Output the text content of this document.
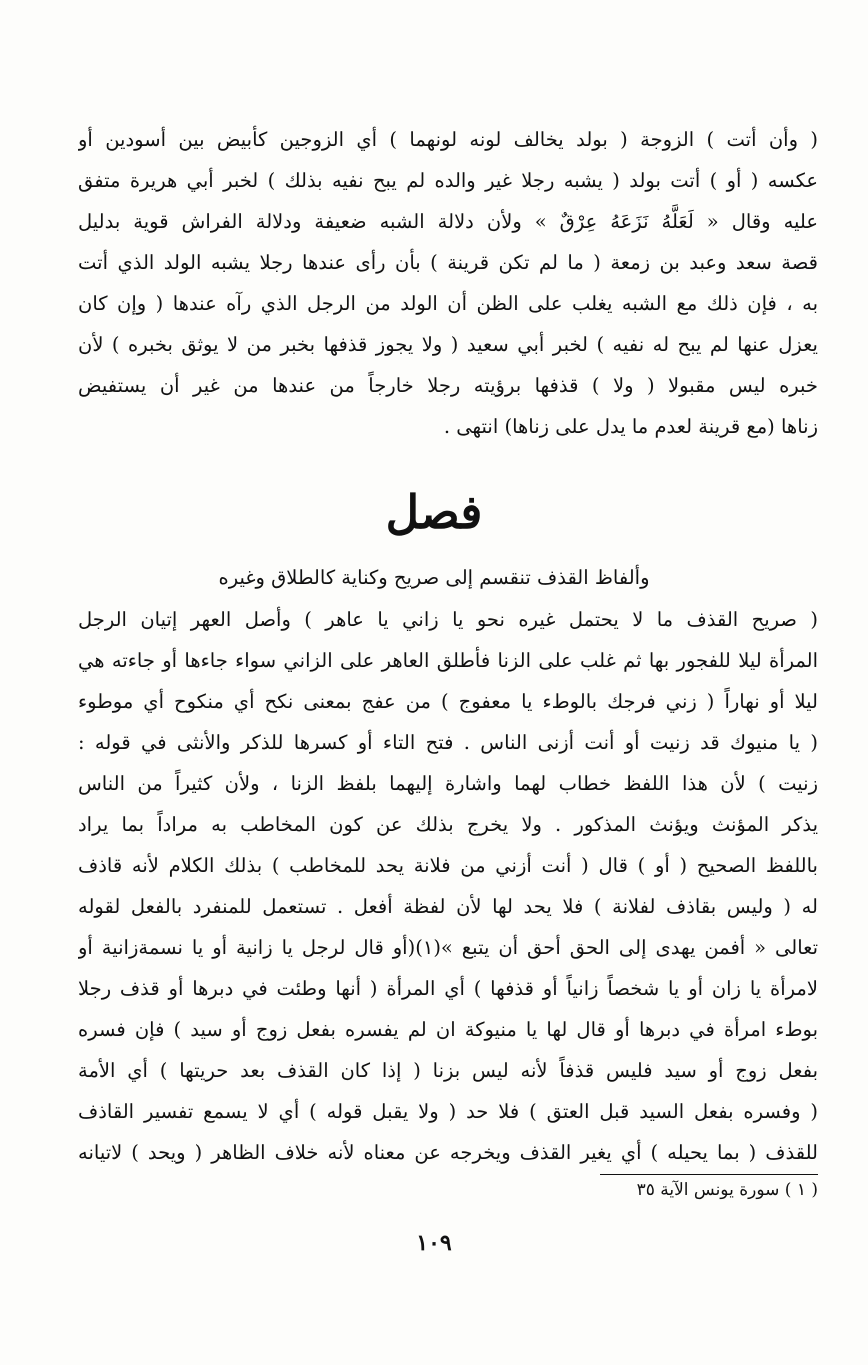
( وأن أتت ) الزوجة ( بولد يخالف لونه لونهما ) أي الزوجين كأبيض بين أسودين أو
عكسه ( أو ) أتت بولد ( يشبه رجلا غير والده لم يبح نفيه بذلك ) لخبر أبي هريرة متفق
عليه وقال « لَعَلَّهُ نَزَعَهُ عِرْقٌ » ولأن دلالة الشبه ضعيفة ودلالة الفراش قوية بدليل
قصة سعد وعبد بن زمعة ( ما لم تكن قرينة ) بأن رأى عندها رجلا يشبه الولد الذي أتت
به ، فإن ذلك مع الشبه يغلب على الظن أن الولد من الرجل الذي رآه عندها ( وإن كان
يعزل عنها لم يبح له نفيه ) لخبر أبي سعيد ( ولا يجوز قذفها بخبر من لا يوثق بخبره ) لأن
خبره ليس مقبولا ( ولا ) قذفها برؤيته رجلا خارجاً من عندها من غير أن يستفيض
زناها (مع قرينة لعدم ما يدل على زناها) انتهى .
فصل
وألفاظ القذف تنقسم إلى صريح وكناية كالطلاق وغيره
( صريح القذف ما لا يحتمل غيره نحو يا زاني يا عاهر ) وأصل العهر إتيان الرجل
المرأة ليلا للفجور بها ثم غلب على الزنا فأطلق العاهر على الزاني سواء جاءها أو جاءته هي
ليلا أو نهاراً ( زني فرجك بالوطء يا معفوج ) من عفج بمعنى نكح أي منكوح أي موطوء
( يا منيوك قد زنيت أو أنت أزنى الناس . فتح التاء أو كسرها للذكر والأنثى في قوله :
زنيت ) لأن هذا اللفظ خطاب لهما واشارة إليهما بلفظ الزنا ، ولأن كثيراً من الناس
يذكر المؤنث ويؤنث المذكور . ولا يخرج بذلك عن كون المخاطب به مراداً بما يراد
باللفظ الصحيح ( أو ) قال ( أنت أزني من فلانة يحد للمخاطب ) بذلك الكلام لأنه قاذف
له ( وليس بقاذف لفلانة ) فلا يحد لها لأن لفظة أفعل . تستعمل للمنفرد بالفعل لقوله
تعالى « أفمن يهدى إلى الحق أحق أن يتبع »(١)(أو قال لرجل يا زانية أو يا نسمةزانية أو
لامرأة يا زان أو يا شخصاً زانياً أو قذفها ) أي المرأة ( أنها وطئت في دبرها أو قذف رجلا
بوطء امرأة في دبرها أو قال لها يا منيوكة ان لم يفسره بفعل زوج أو سيد ) فإن فسره
بفعل زوج أو سيد فليس قذفاً لأنه ليس بزنا ( إذا كان القذف بعد حريتها ) أي الأمة
( وفسره بفعل السيد قبل العتق ) فلا حد ( ولا يقبل قوله ) أي لا يسمع تفسير القاذف
للقذف ( بما يحيله ) أي يغير القذف ويخرجه عن معناه لأنه خلاف الظاهر ( ويحد ) لاتيانه
( ١ ) سورة يونس الآية ٣٥
١٠٩
